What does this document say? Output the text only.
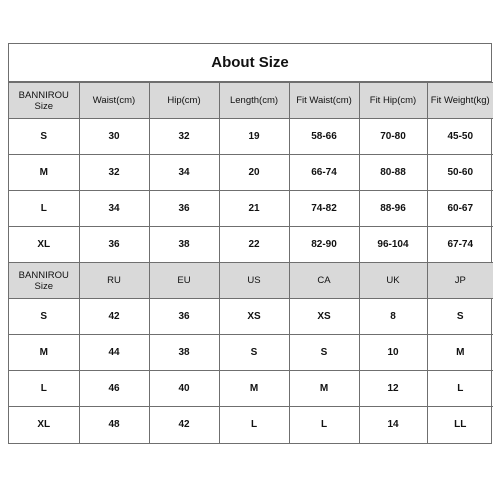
About Size
BANNIROU Size	Waist(cm)	Hip(cm)	Length(cm)	Fit Waist(cm)	Fit Hip(cm)	Fit Weight(kg)
S	30	32	19	58-66	70-80	45-50
M	32	34	20	66-74	80-88	50-60
L	34	36	21	74-82	88-96	60-67
XL	36	38	22	82-90	96-104	67-74
BANNIROU Size	RU	EU	US	CA	UK	JP
S	42	36	XS	XS	8	S
M	44	38	S	S	10	M
L	46	40	M	M	12	L
XL	48	42	L	L	14	LL
